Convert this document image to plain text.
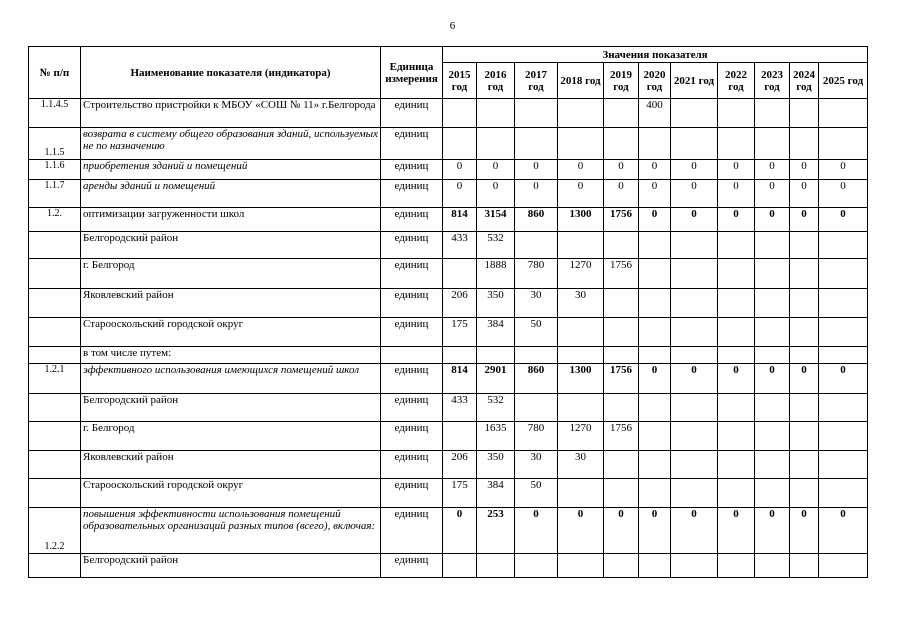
6
№ п/п	Наименование показателя (индикатора)	Единица измерения	Значения показателя										
			2015 год	2016 год	2017 год	2018 год	2019 год	2020 год	2021 год	2022 год	2023 год	2024 год	2025 год
1.1.4.5	Строительство пристройки к МБОУ «СОШ № 11» г.Белгорода	единиц						400					
1.1.5	возврата в систему общего образования зданий, используемых не по назначению	единиц											
1.1.6	приобретения зданий и помещений	единиц	0	0	0	0	0	0	0	0	0	0	0
1.1.7	аренды зданий и помещений	единиц	0	0	0	0	0	0	0	0	0	0	0
1.2.	оптимизации загруженности школ	единиц	814	3154	860	1300	1756	0	0	0	0	0	0
	Белгородский район	единиц	433	532									
	г. Белгород	единиц		1888	780	1270	1756						
	Яковлевский район	единиц	206	350	30	30							
	Старооскольский городской округ	единиц	175	384	50								
	в том числе путем:												
1.2.1	эффективного использования имеющихся помещений школ	единиц	814	2901	860	1300	1756	0	0	0	0	0	0
	Белгородский район	единиц	433	532									
	г. Белгород	единиц		1635	780	1270	1756						
	Яковлевский район	единиц	206	350	30	30							
	Старооскольский городской округ	единиц	175	384	50								
1.2.2	повышения эффективности использования помещений образовательных организаций разных типов (всего), включая:	единиц	0	253	0	0	0	0	0	0	0	0	0
	Белгородский район	единиц											
